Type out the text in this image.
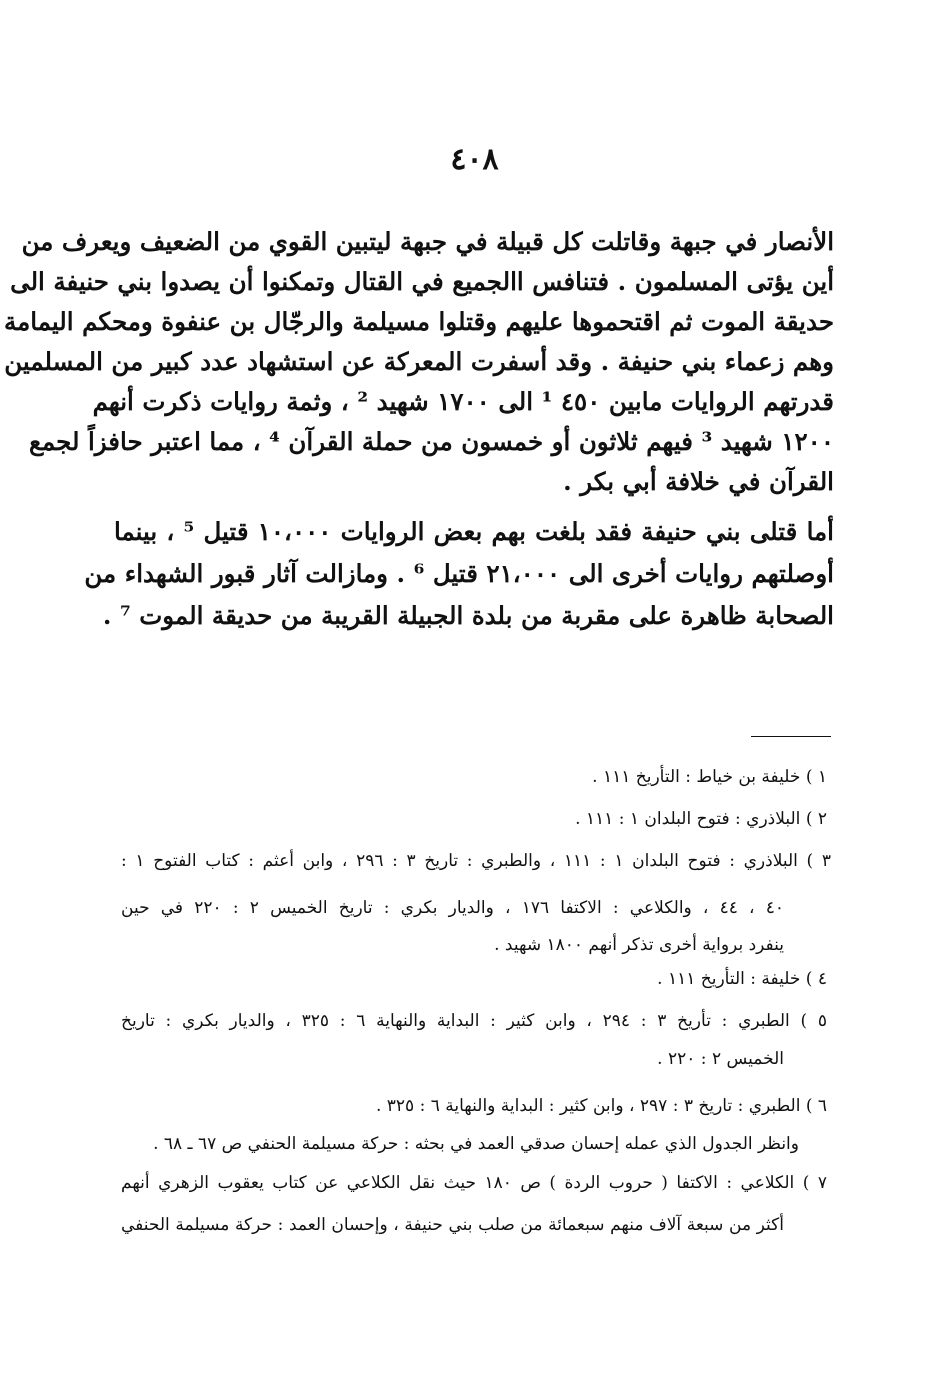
٤٠٨
الأنصار في جبهة وقاتلت كل قبيلة في جبهة ليتبين القوي من الضعيف ويعرف من
أين يؤتى المسلمون . فتنافس االجميع في القتال وتمكنوا أن يصدوا بني حنيفة الى
حديقة الموت ثم اقتحموها عليهم وقتلوا مسيلمة والرجّال بن عنفوة ومحكم اليمامة
وهم زعماء بني حنيفة . وقد أسفرت المعركة عن استشهاد عدد كبير من المسلمين
قدرتهم الروايات مابين ٤٥٠ ¹ الى ١٧٠٠ شهيد ² ، وثمة روايات ذكرت أنهم
١٢٠٠ شهيد ³ فيهم ثلاثون أو خمسون من حملة القرآن ⁴ ، مما اعتبر حافزاً لجمع
القرآن في خلافة أبي بكر .
أما قتلى بني حنيفة فقد بلغت بهم بعض الروايات ١٠،٠٠٠ قتيل ⁵ ، بينما
أوصلتهم روايات أخرى الى ٢١،٠٠٠ قتيل ⁶ . ومازالت آثار قبور الشهداء من
الصحابة ظاهرة على مقربة من بلدة الجبيلة القريبة من حديقة الموت ⁷ .
١ ) خليفة بن خياط : التأريخ ١١١ .
٢ ) البلاذري : فتوح البلدان ١ : ١١١ .
٣ ) البلاذري : فتوح البلدان ١ : ١١١ ، والطبري : تاريخ ٣ : ٢٩٦ ، وابن أعثم : كتاب الفتوح ١ :
٤٠ ، ٤٤ ، والكلاعي : الاكتفا ١٧٦ ، والديار بكري : تاريخ الخميس ٢ : ٢٢٠ في حين
ينفرد برواية أخرى تذكر أنهم ١٨٠٠ شهيد .
٤ ) خليفة : التأريخ ١١١ .
٥ ) الطبري : تأريخ ٣ : ٢٩٤ ، وابن كثير : البداية والنهاية ٦ : ٣٢٥ ، والديار بكري : تاريخ
الخميس ٢ : ٢٢٠ .
٦ ) الطبري : تاريخ ٣ : ٢٩٧ ، وابن كثير : البداية والنهاية ٦ : ٣٢٥ .
وانظر الجدول الذي عمله إحسان صدقي العمد في بحثه : حركة مسيلمة الحنفي ص ٦٧ ـ ٦٨ .
٧ ) الكلاعي : الاكتفا ( حروب الردة ) ص ١٨٠ حيث نقل الكلاعي عن كتاب يعقوب الزهري أنهم
أكثر من سبعة آلاف منهم سبعمائة من صلب بني حنيفة ، وإحسان العمد : حركة مسيلمة الحنفي
